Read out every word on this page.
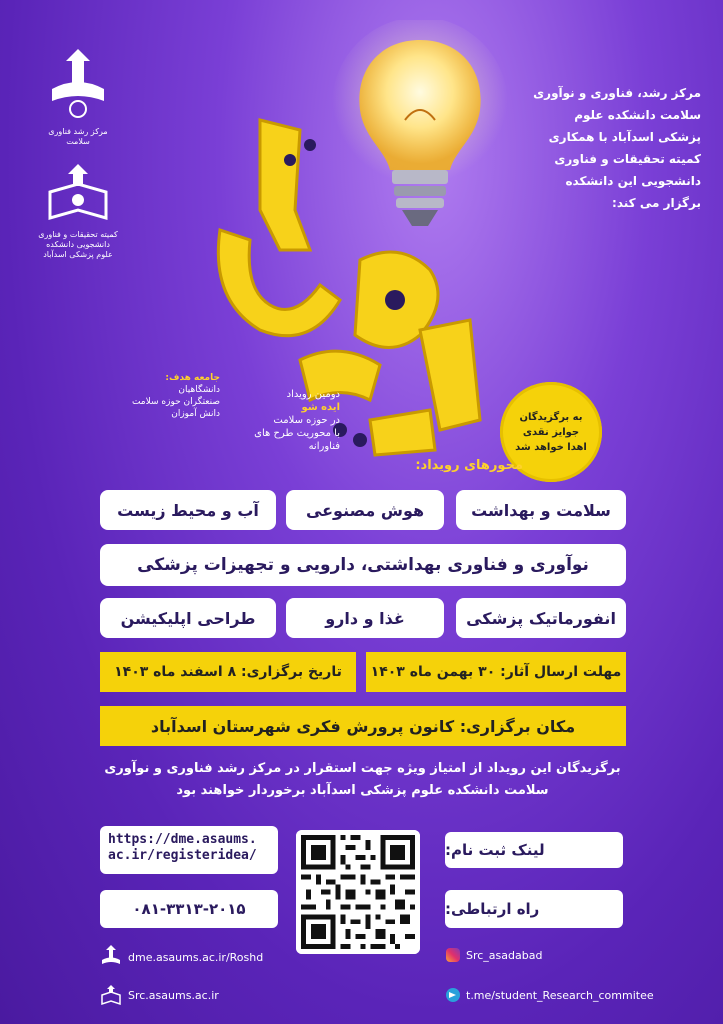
مرکز رشد، فناوری و نوآوری
سلامت دانشکده علوم
پزشکی اسدآباد با همکاری
کمیته تحقیقات و فناوری
دانشجویی این دانشکده
برگزار می کند:
مرکز رشد فناوری سلامت
کمیته تحقیقات و فناوری
دانشجویی دانشکده
علوم پزشکی اسدآباد
به برگزیدگان
جوایز نقدی
اهدا خواهد شد
جامعه هدف:
دانشگاهیان
صنعتگران حوزه سلامت
دانش آموزان
دومین رویداد
ایده شو
در حوزه سلامت
با محوریت طرح های فناورانه
محورهای رویداد:
سلامت و بهداشت
هوش مصنوعی
آب و محیط زیست
نوآوری و فناوری بهداشتی، دارویی و تجهیزات پزشکی
انفورماتیک پزشکی
غذا و دارو
طراحی اپلیکیشن
مهلت ارسال آثار: ۳۰ بهمن ماه ۱۴۰۳
تاریخ برگزاری: ۸ اسفند ماه ۱۴۰۳
مکان برگزاری: کانون پرورش فکری شهرستان اسدآباد
برگزیدگان این رویداد از امتیاز ویژه جهت استقرار در مرکز رشد فناوری و نوآوری
سلامت دانشکده علوم پزشکی اسدآباد برخوردار خواهند بود
https://dme.asaums.
ac.ir/registeridea/
۰۸۱-۳۳۱۳-۲۰۱۵
لینک ثبت نام:
راه ارتباطی:
dme.asaums.ac.ir/Roshd
Src.asaums.ac.ir
Src_asadabad
t.me/student_Research_commitee
